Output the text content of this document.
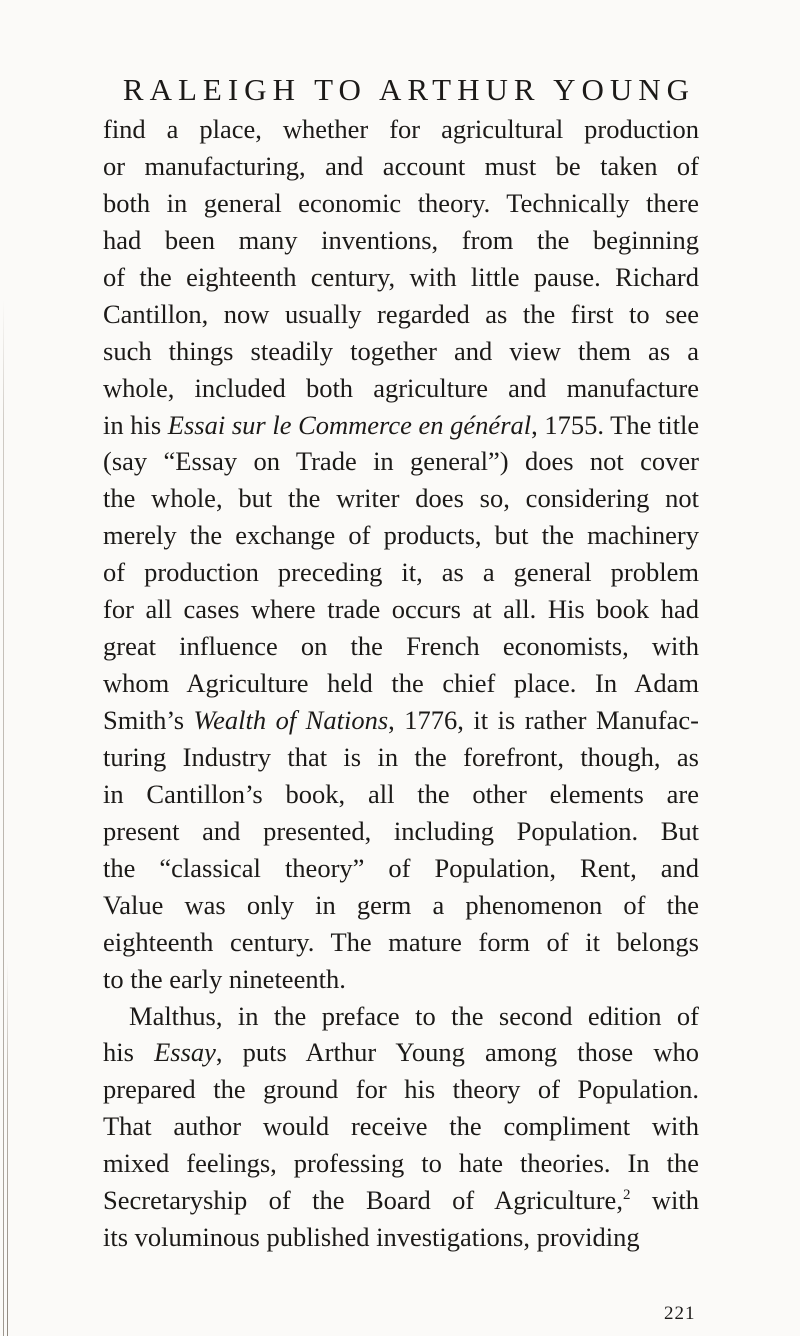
RALEIGH TO ARTHUR YOUNG
find a place, whether for agricultural production
or manufacturing, and account must be taken of
both in general economic theory. Technically there
had been many inventions, from the beginning
of the eighteenth century, with little pause. Richard
Cantillon, now usually regarded as the first to see
such things steadily together and view them as a
whole, included both agriculture and manufacture
in his Essai sur le Commerce en général, 1755. The title
(say “Essay on Trade in general”) does not cover
the whole, but the writer does so, considering not
merely the exchange of products, but the machinery
of production preceding it, as a general problem
for all cases where trade occurs at all. His book had
great influence on the French economists, with
whom Agriculture held the chief place. In Adam
Smith’s Wealth of Nations, 1776, it is rather Manufac-
turing Industry that is in the forefront, though, as
in Cantillon’s book, all the other elements are
present and presented, including Population. But
the “classical theory” of Population, Rent, and
Value was only in germ a phenomenon of the
eighteenth century. The mature form of it belongs
to the early nineteenth.
Malthus, in the preface to the second edition of
his Essay, puts Arthur Young among those who
prepared the ground for his theory of Population.
That author would receive the compliment with
mixed feelings, professing to hate theories. In the
Secretaryship of the Board of Agriculture,$^2$ with
its voluminous published investigations, providing
221
